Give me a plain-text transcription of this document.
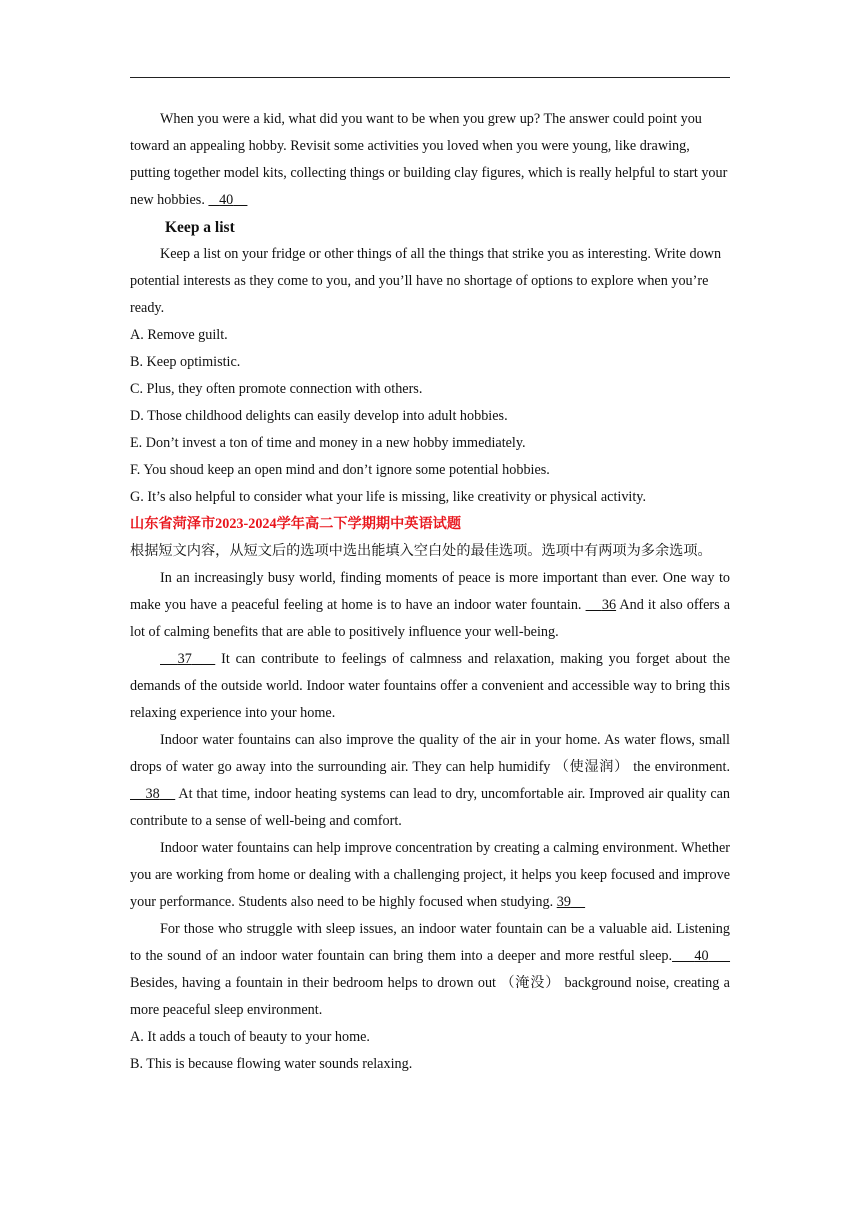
When you were a kid, what did you want to be when you grew up? The answer could point you toward an appealing hobby. Revisit some activities you loved when you were young, like drawing, putting together model kits, collecting things or building clay figures, which is really helpful to start your new hobbies. 40

Keep a list

Keep a list on your fridge or other things of all the things that strike you as interesting. Write down potential interests as they come to you, and you’ll have no shortage of options to explore when you’re ready.

A. Remove guilt.

B. Keep optimistic.

C. Plus, they often promote connection with others.

D. Those childhood delights can easily develop into adult hobbies.

E. Don’t invest a ton of time and money in a new hobby immediately.

F. You shoud keep an open mind and don’t ignore some potential hobbies.

G. It’s also helpful to consider what your life is missing, like creativity or physical activity.

山东省菏泽市2023-2024学年高二下学期期中英语试题

根据短文内容，从短文后的选项中选出能填入空白处的最佳选项。选项中有两项为多余选项。

In an increasingly busy world, finding moments of peace is more important than ever. One way to make you have a peaceful feeling at home is to have an indoor water fountain. 36 And it also offers a lot of calming benefits that are able to positively influence your well-being.

37 It can contribute to feelings of calmness and relaxation, making you forget about the demands of the outside world. Indoor water fountains offer a convenient and accessible way to bring this relaxing experience into your home.

Indoor water fountains can also improve the quality of the air in your home. As water flows, small drops of water go away into the surrounding air. They can help humidify （使湿润） the environment.    38 At that time, indoor heating systems can lead to dry, uncomfortable air. Improved air quality can contribute to a sense of well-being and comfort.

Indoor water fountains can help improve concentration by creating a calming environment. Whether you are working from home or dealing with a challenging project, it helps you keep focused and improve your performance. Students also need to be highly focused when studying. 39

For those who struggle with sleep issues, an indoor water fountain can be a valuable aid. Listening to the sound of an indoor water fountain can bring them into a deeper and more restful sleep. 40      Besides, having a fountain in their bedroom helps to drown out （淹没） background noise, creating a more peaceful sleep environment.

A. It adds a touch of beauty to your home.

B. This is because flowing water sounds relaxing.
